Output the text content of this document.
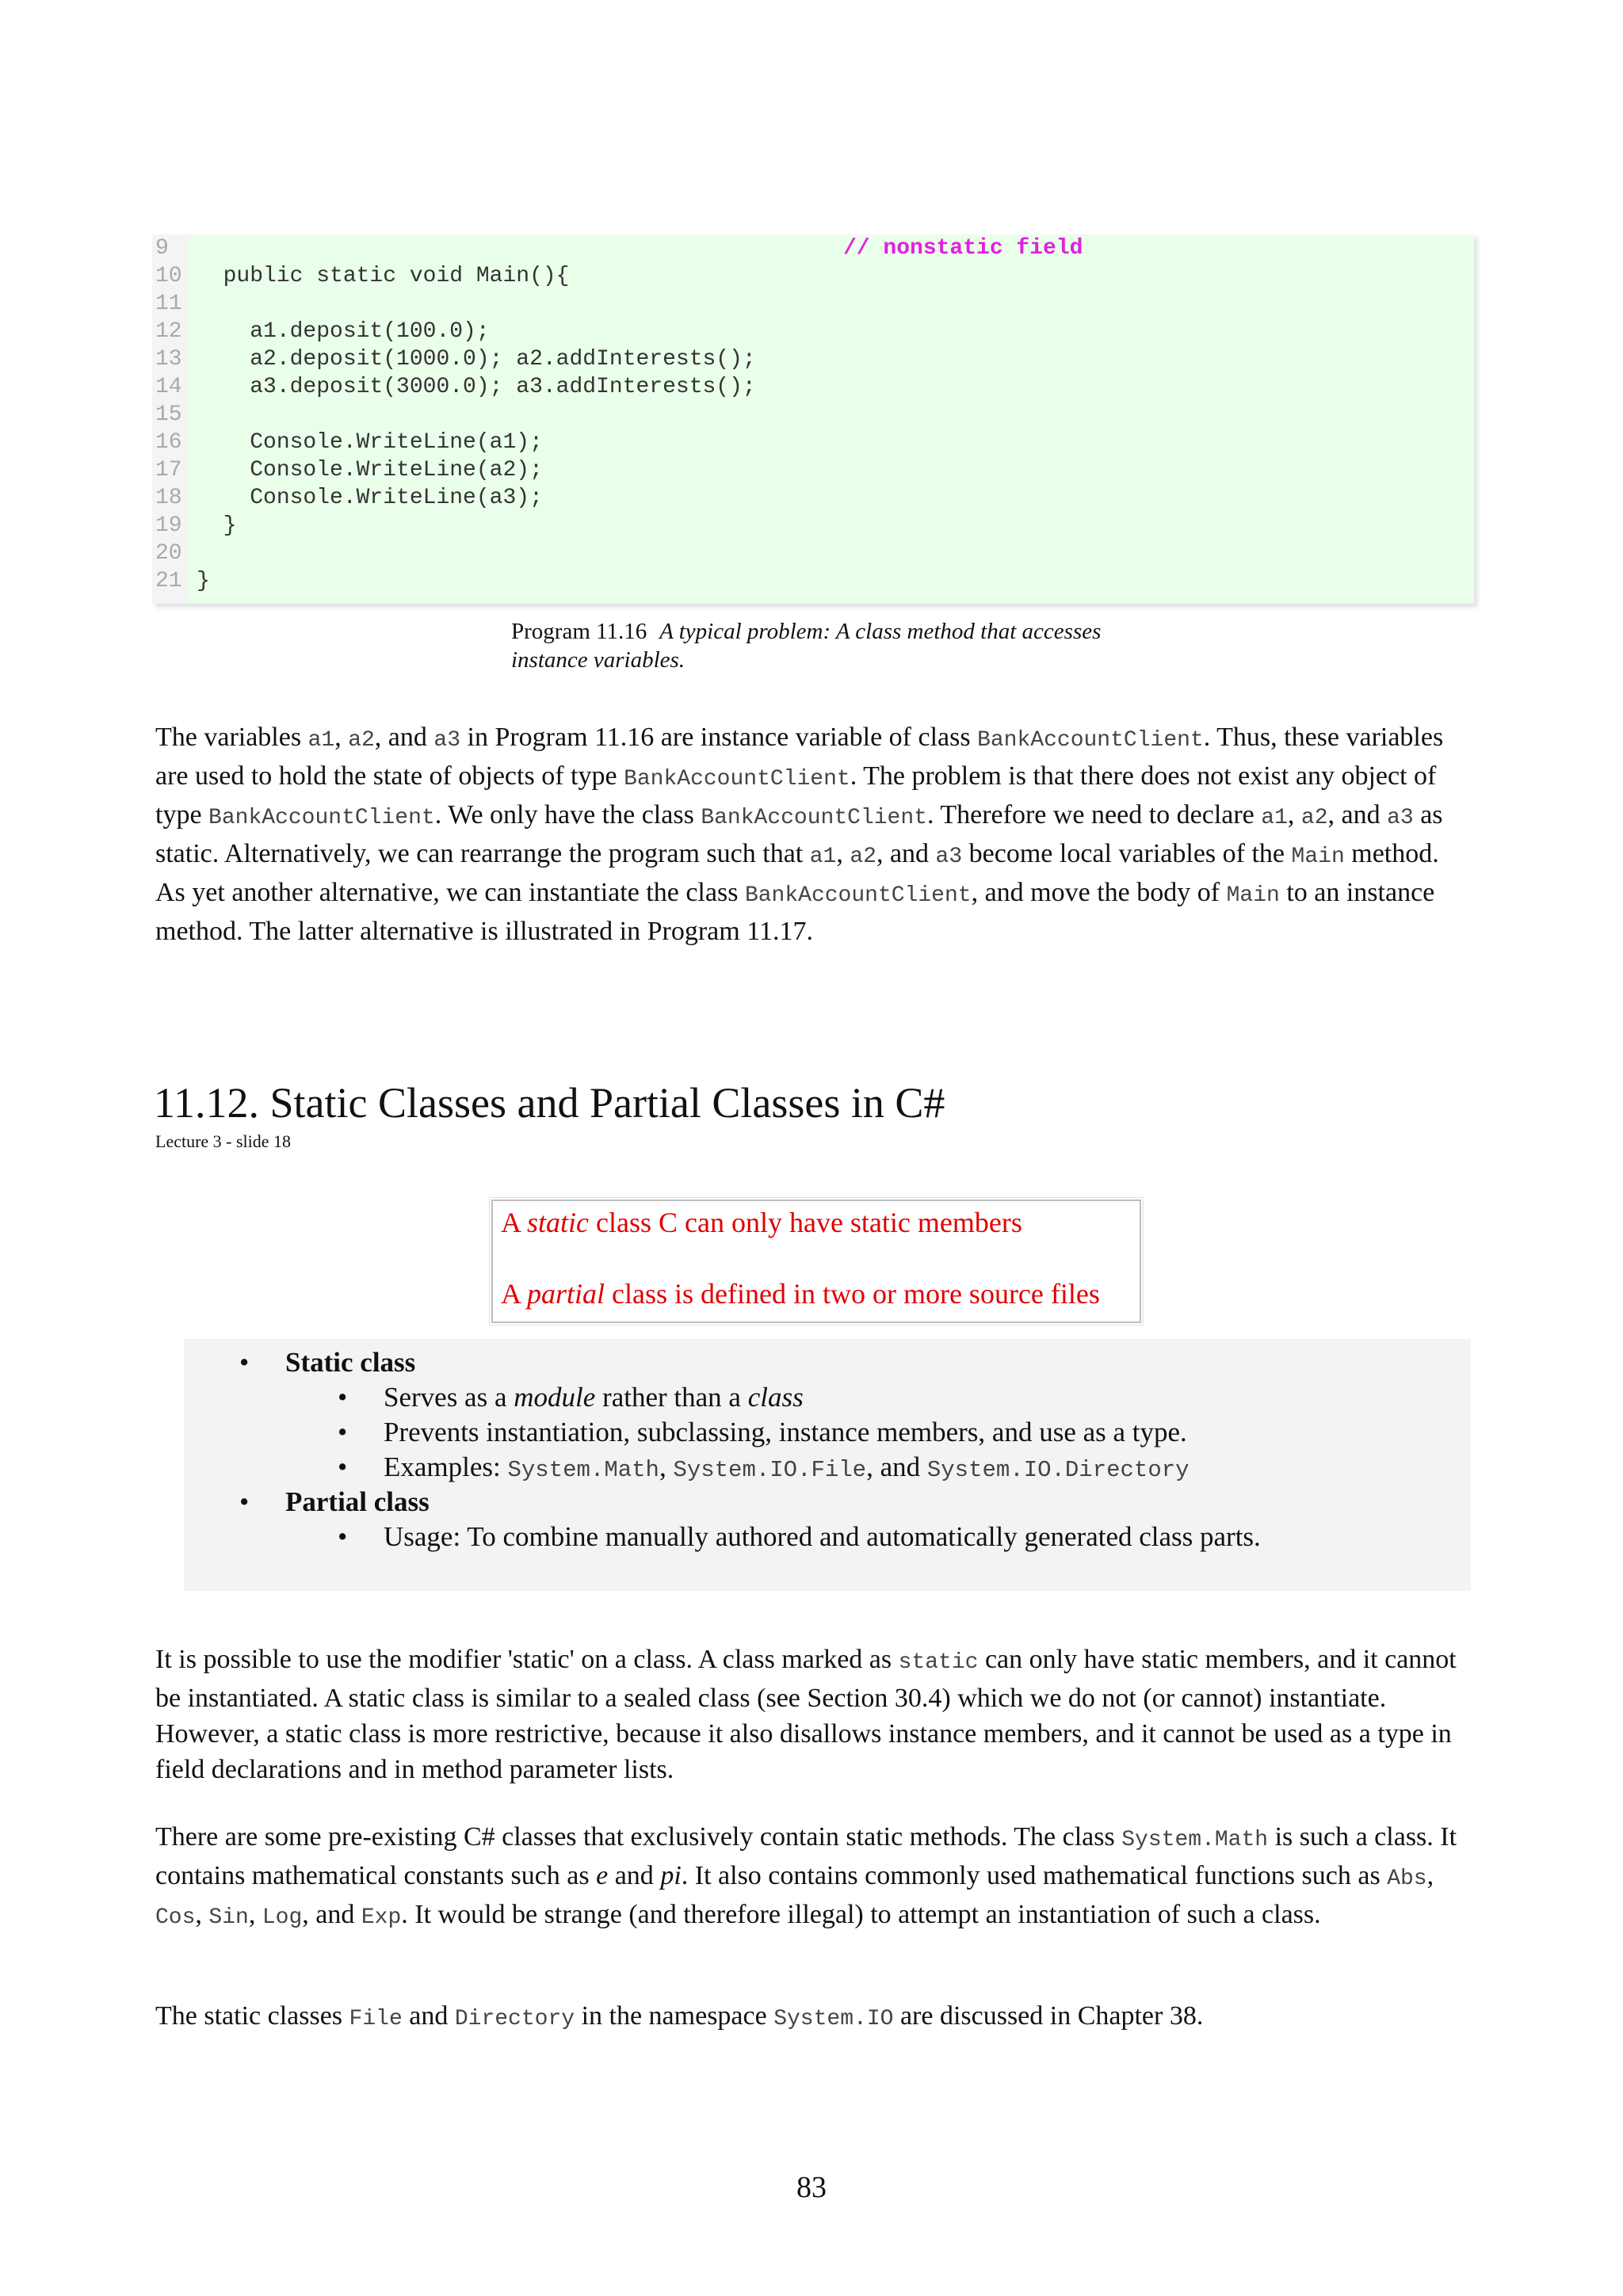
9	// nonstatic field
10  public static void Main(){
11
12    a1.deposit(100.0);
13    a2.deposit(1000.0); a2.addInterests();
14    a3.deposit(3000.0); a3.addInterests();
15
16    Console.WriteLine(a1);
17    Console.WriteLine(a2);
18    Console.WriteLine(a3);
19  }
20
21 }
Program 11.16 A typical problem: A class method that accesses instance variables.

The variables a1, a2, and a3 in Program 11.16 are instance variable of class BankAccountClient. Thus, these variables are used to hold the state of objects of type BankAccountClient. The problem is that there does not exist any object of type BankAccountClient. We only have the class BankAccountClient. Therefore we need to declare a1, a2, and a3 as static. Alternatively, we can rearrange the program such that a1, a2, and a3 become local variables of the Main method. As yet another alternative, we can instantiate the class BankAccountClient, and move the body of Main to an instance method. The latter alternative is illustrated in Program 11.17.

11.12. Static Classes and Partial Classes in C#
Lecture 3 - slide 18
A static class C can only have static members
A partial class is defined in two or more source files
• Static class
• Serves as a module rather than a class
• Prevents instantiation, subclassing, instance members, and use as a type.
• Examples: System.Math, System.IO.File, and System.IO.Directory
• Partial class
• Usage: To combine manually authored and automatically generated class parts.

It is possible to use the modifier 'static' on a class. A class marked as static can only have static members, and it cannot be instantiated. A static class is similar to a sealed class (see Section 30.4) which we do not (or cannot) instantiate. However, a static class is more restrictive, because it also disallows instance members, and it cannot be used as a type in field declarations and in method parameter lists.

There are some pre-existing C# classes that exclusively contain static methods. The class System.Math is such a class. It contains mathematical constants such as e and pi. It also contains commonly used mathematical functions such as Abs, Cos, Sin, Log, and Exp. It would be strange (and therefore illegal) to attempt an instantiation of such a class.

The static classes File and Directory in the namespace System.IO are discussed in Chapter 38.

83
